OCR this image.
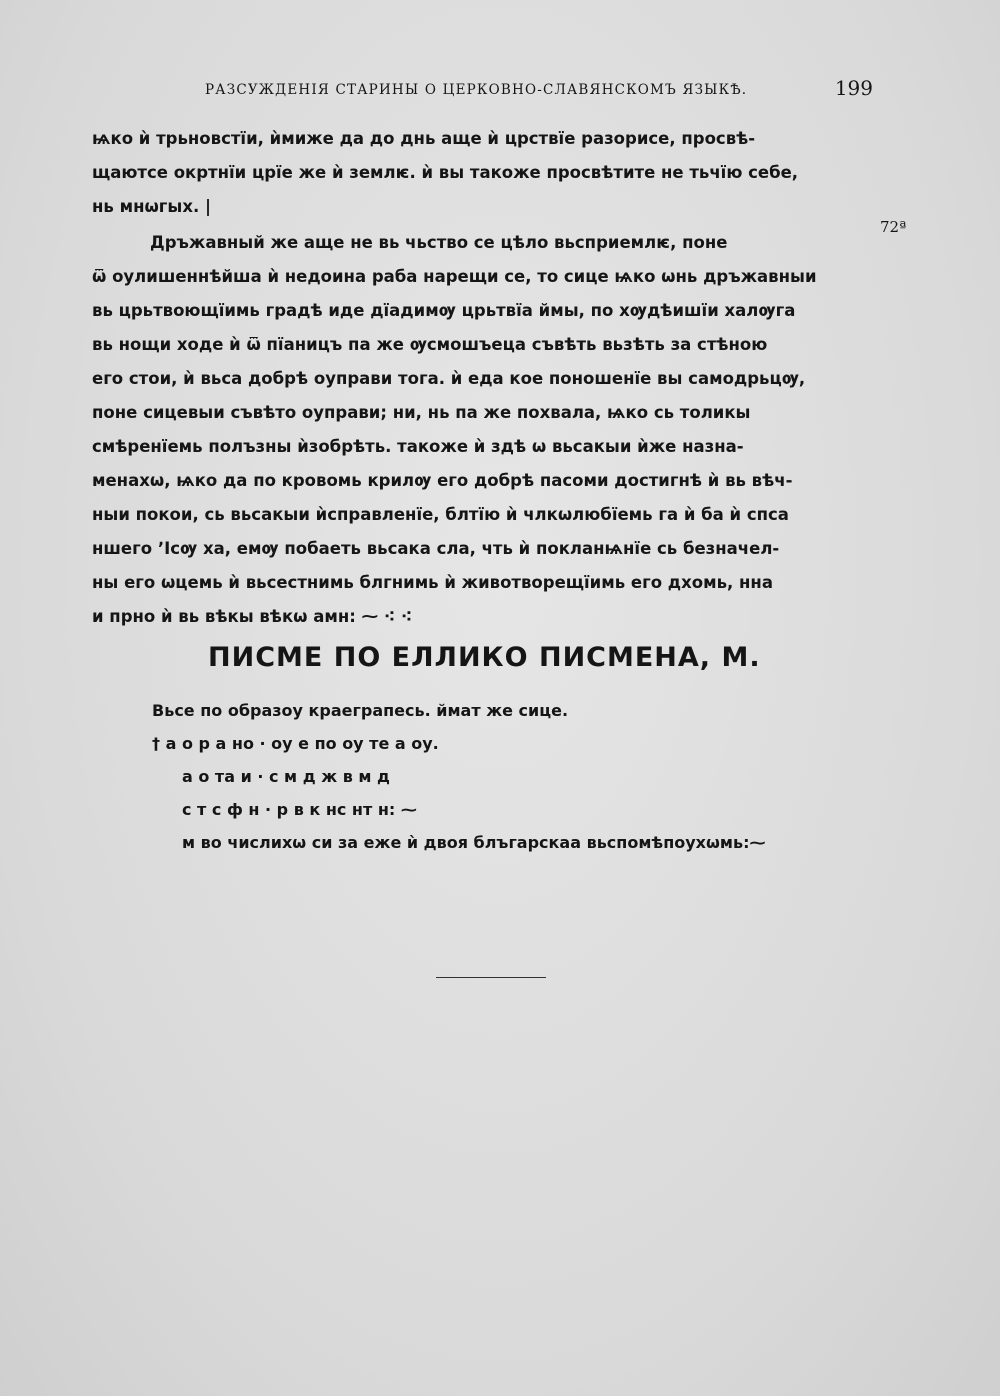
РАЗСУЖДЕНІЯ СТАРИНЫ О ЦЕРКОВНО-СЛАВЯНСКОМЪ ЯЗЫКѢ.	199
72ª
ѩко ѝ трьновстїи, ѝмиже да до днь аще ѝ црствїе разорисе, просвѣ-
щаютсе окртнїи црїе же ѝ землѥ. ѝ вы такоже просвѣтите не тьчїю себе,
нь мнωгых. |
Дръжавный же аще не вь чьство се цѣло вьсприемлѥ, поне
ѿ оулишеннѣйша ѝ недоина раба нарещи се, то сице ѩко ѡнь дръжавныи
вь црьтвоющїимь градѣ иде дїадимѹ црьтвїа ймы, по хѹдѣишїи халѹга
вь нощи ходе ѝ ѿ пїаницъ па же ѹсмошъеца съвѣть вьзѣть за стѣною
его стои, ѝ вьса добрѣ оуправи тога. ѝ еда кое поношенїе вы самодрьцѹ,
поне сицевыи съвѣто оуправи; ни, нь па же похвала, ѩко сь толикы
смѣренїемь полъзны ѝзобрѣть. такоже ѝ здѣ ω вьсакыи ѝже назна-
менахω, ѩко да по кровомь крилѹ его добрѣ пасоми достигнѣ ѝ вь вѣч-
ныи покои, сь вьсакыи ѝсправленїе, блтїю ѝ члкωлюбїемь га ѝ ба ѝ спса
ншего ʼІсѹ ха, емѹ побаеть вьсака сла, чть ѝ покланѩнїе сь безначел-
ны его ωцемь ѝ вьсестнимь блгнимь ѝ животворещїимь его дхомь, нна
и прно ѝ вь вѣкы вѣкω амн: ⁓ ⁖ ⁖
ПИСМЕ ПО ЕЛЛИКО ПИСМЕНА, М.
Вьсе по образоу краеграпесь. ймат же сице.
† а о р а но · оу е по оу те а оу.
а о та и · с м д ж в м д
с т с ф н · р в к нс нт н: ⁓
м во числихω си за еже ѝ двоя блъгарскаа вьспомѣпоухωмь:⁓
